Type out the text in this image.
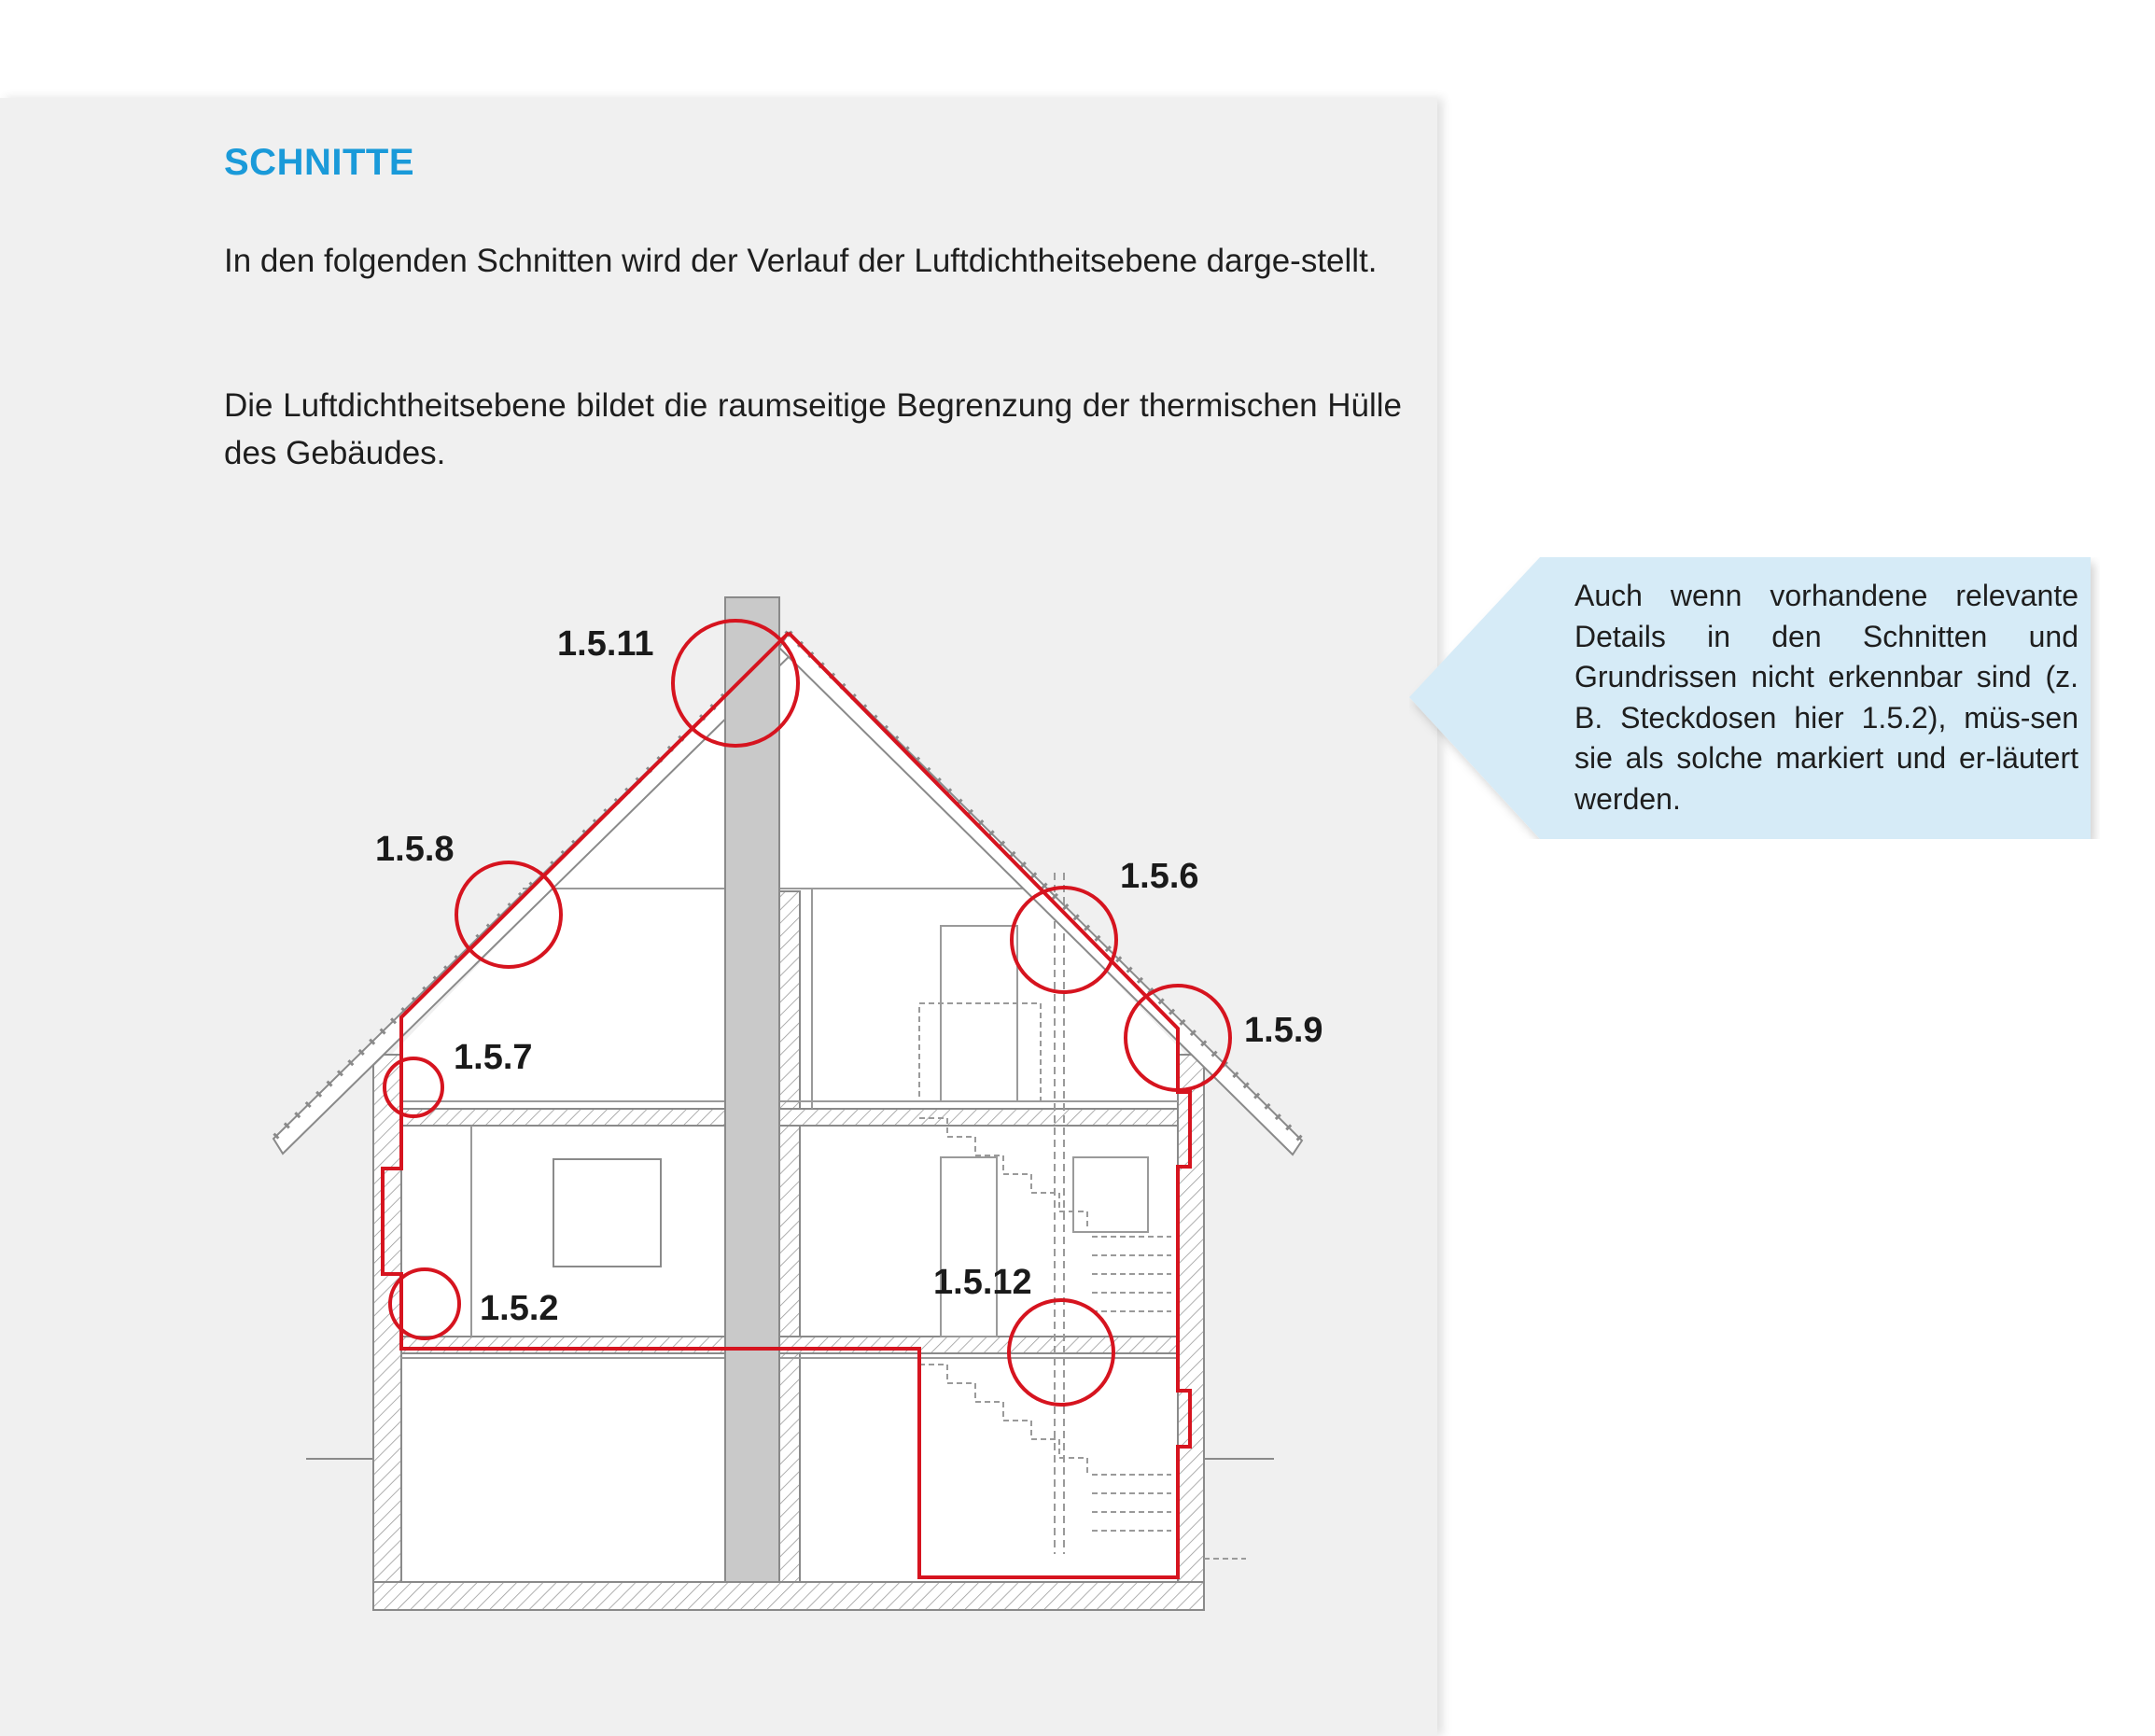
SCHNITTE

In den folgenden Schnitten wird der Verlauf der Luftdichtheitsebene darge-stellt.

Die Luftdichtheitsebene bildet die raumseitige Begrenzung der thermischen Hülle des Gebäudes.

1.5.11
1.5.8
1.5.6
1.5.9
1.5.7
1.5.2
1.5.12

Auch wenn vorhandene relevante Details in den Schnitten und Grundrissen nicht erkennbar sind (z. B. Steckdosen hier 1.5.2), müs-sen sie als solche markiert und er-läutert werden.
